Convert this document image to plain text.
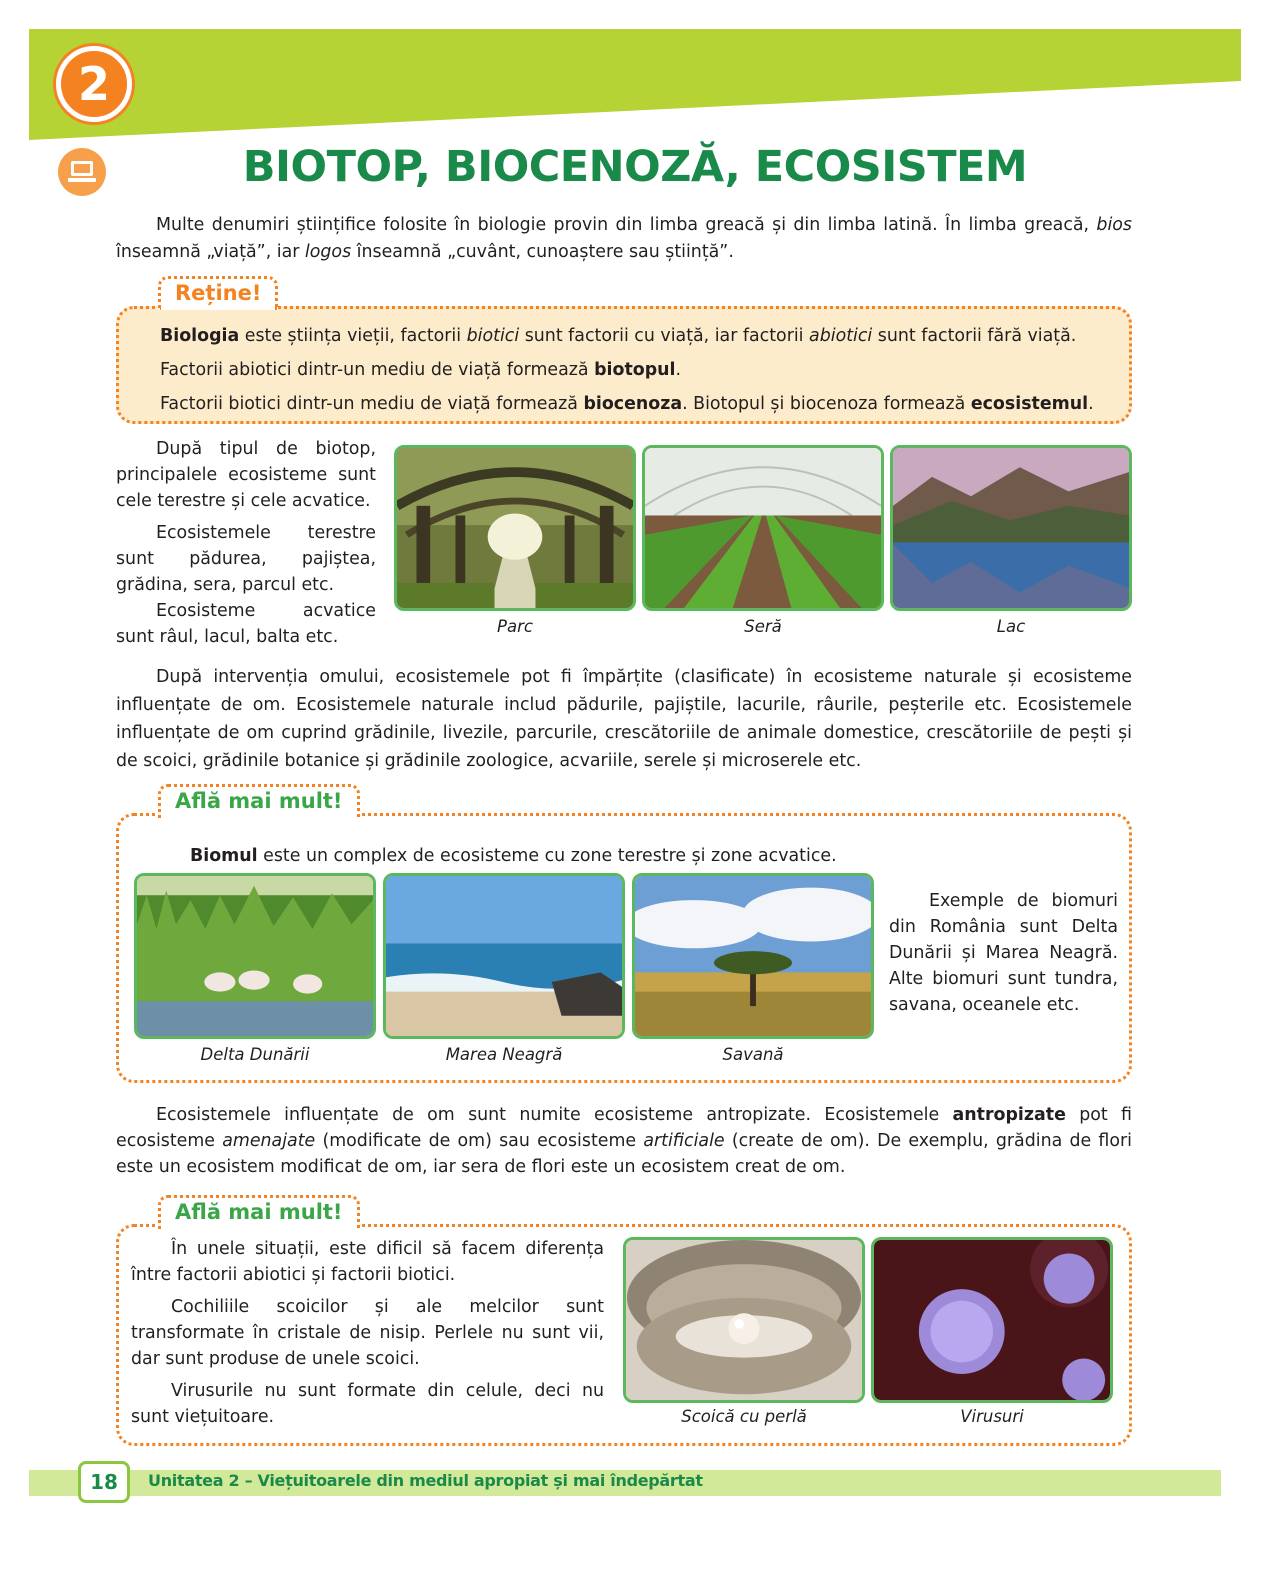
2
BIOTOP, BIOCENOZĂ, ECOSISTEM

Multe denumiri științifice folosite în biologie provin din limba greacă și din limba latină. În limba greacă, bios înseamnă „viață”, iar logos înseamnă „cuvânt, cunoaștere sau știință”.

Biologia este știința vieții, factorii biotici sunt factorii cu viață, iar factorii abiotici sunt factorii fără viață.
Factorii abiotici dintr-un mediu de viață formează biotopul.
Factorii biotici dintr-un mediu de viață formează biocenoza. Biotopul și biocenoza formează ecosistemul.
Reține!

După tipul de biotop, principalele ecosisteme sunt cele terestre și cele acvatice.

Ecosistemele terestre sunt pădurea, pajiștea, grădina, sera, parcul etc.

Ecosisteme acvatice sunt râul, lacul, balta etc.

Parc	Seră	Lac

După intervenția omului, ecosistemele pot fi împărțite (clasificate) în ecosisteme naturale și ecosisteme influențate de om. Ecosistemele naturale includ pădurile, pajiștile, lacurile, râurile, peșterile etc. Ecosistemele influențate de om cuprind grădinile, livezile, parcurile, crescătoriile de animale domestice, crescătoriile de pești și de scoici, grădinile botanice și grădinile zoologice, acvariile, serele și microserele etc.

Află mai mult!
Biomul este un complex de ecosisteme cu zone terestre și zone acvatice.
Delta Dunării	Marea Neagră	Savană

Exemple de biomuri din România sunt Delta Dunării și Marea Neagră. Alte biomuri sunt tundra, savana, oceanele etc.

Ecosistemele influențate de om sunt numite ecosisteme antropizate. Ecosistemele antropizate pot fi ecosisteme amenajate (modificate de om) sau ecosisteme artificiale (create de om). De exemplu, grădina de flori este un ecosistem modificat de om, iar sera de flori este un ecosistem creat de om.

Află mai mult!

În unele situații, este dificil să facem diferența între factorii abiotici și factorii biotici.

Cochiliile scoicilor și ale melcilor sunt transformate în cristale de nisip. Perlele nu sunt vii, dar sunt produse de unele scoici.

Virusurile nu sunt formate din celule, deci nu sunt viețuitoare.	Scoică cu perlă	Virusuri
18	Unitatea 2 – Viețuitoarele din mediul apropiat și mai îndepărtat
